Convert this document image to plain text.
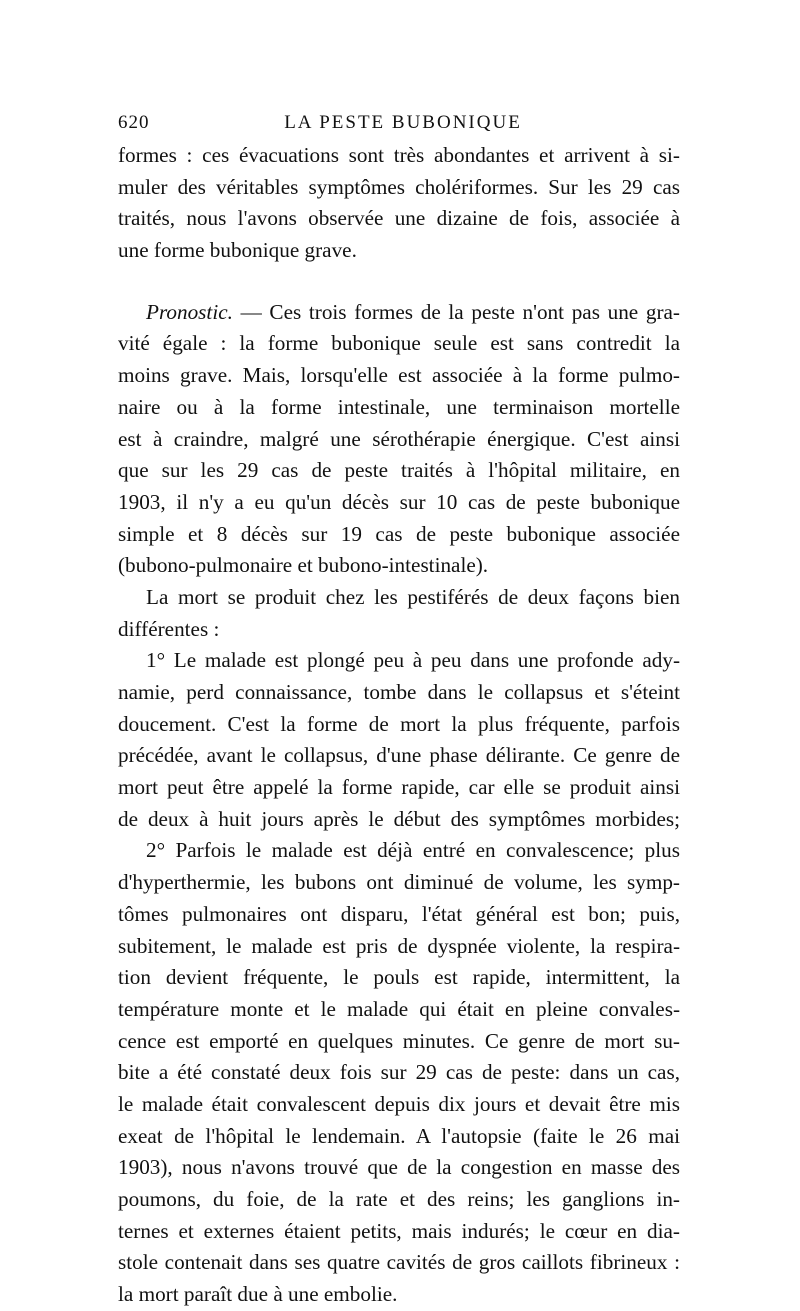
620	LA PESTE BUBONIQUE
formes : ces évacuations sont très abondantes et arrivent à si-
muler des véritables symptômes cholériformes. Sur les 29 cas
traités, nous l'avons observée une dizaine de fois, associée à
une forme bubonique grave.
Pronostic. — Ces trois formes de la peste n'ont pas une gra-
vité égale : la forme bubonique seule est sans contredit la
moins grave. Mais, lorsqu'elle est associée à la forme pulmo-
naire ou à la forme intestinale, une terminaison mortelle
est à craindre, malgré une sérothérapie énergique. C'est ainsi
que sur les 29 cas de peste traités à l'hôpital militaire, en
1903, il n'y a eu qu'un décès sur 10 cas de peste bubonique
simple et 8 décès sur 19 cas de peste bubonique associée
(bubono-pulmonaire et bubono-intestinale).
La mort se produit chez les pestiférés de deux façons bien
différentes :
1° Le malade est plongé peu à peu dans une profonde ady-
namie, perd connaissance, tombe dans le collapsus et s'éteint
doucement. C'est la forme de mort la plus fréquente, parfois
précédée, avant le collapsus, d'une phase délirante. Ce genre de
mort peut être appelé la forme rapide, car elle se produit ainsi
de deux à huit jours après le début des symptômes morbides;
2° Parfois le malade est déjà entré en convalescence; plus
d'hyperthermie, les bubons ont diminué de volume, les symp-
tômes pulmonaires ont disparu, l'état général est bon; puis,
subitement, le malade est pris de dyspnée violente, la respira-
tion devient fréquente, le pouls est rapide, intermittent, la
température monte et le malade qui était en pleine convales-
cence est emporté en quelques minutes. Ce genre de mort su-
bite a été constaté deux fois sur 29 cas de peste: dans un cas,
le malade était convalescent depuis dix jours et devait être mis
exeat de l'hôpital le lendemain. A l'autopsie (faite le 26 mai
1903), nous n'avons trouvé que de la congestion en masse des
poumons, du foie, de la rate et des reins; les ganglions in-
ternes et externes étaient petits, mais indurés; le cœur en dia-
stole contenait dans ses quatre cavités de gros caillots fibrineux :
la mort paraît due à une embolie.
